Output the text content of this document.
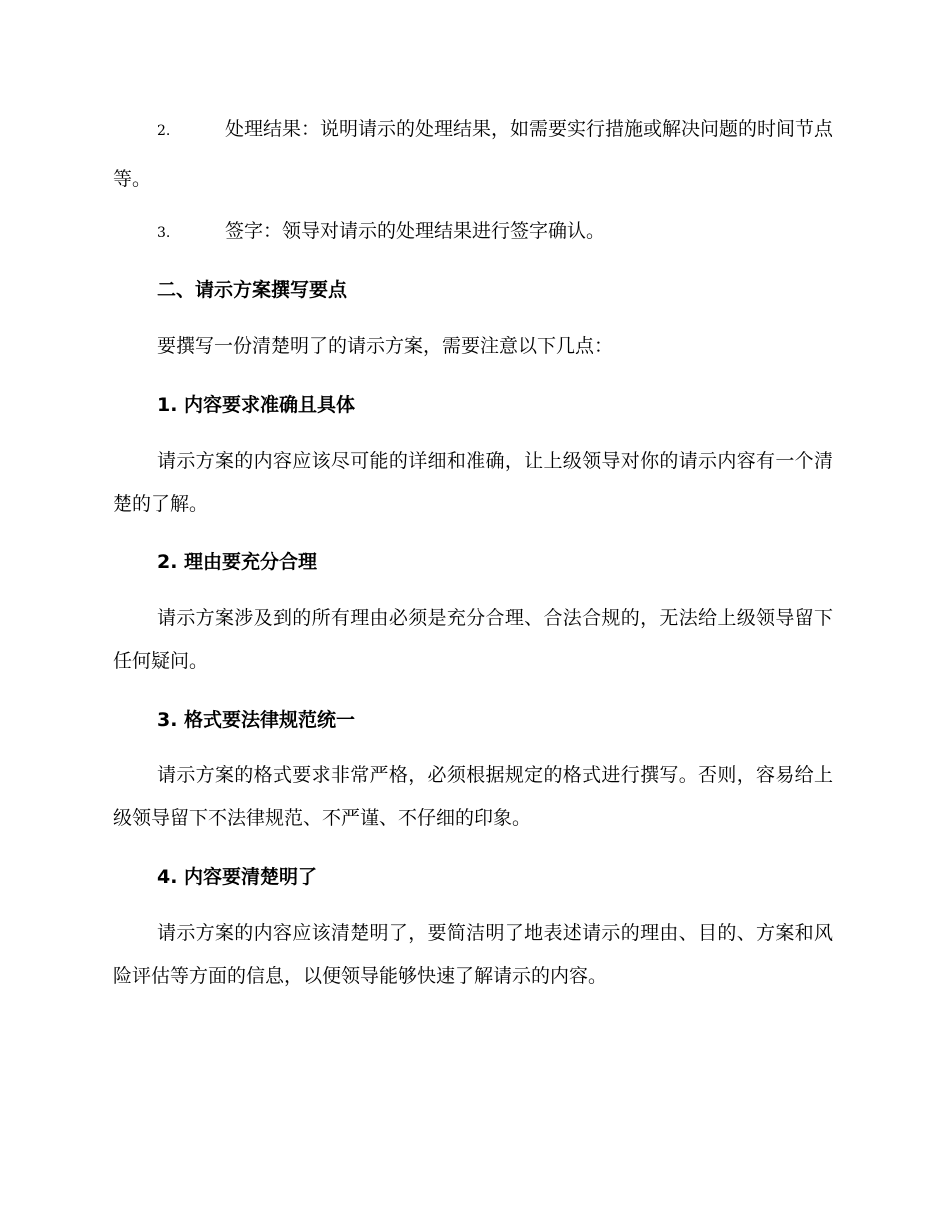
2.	处理结果：说明请示的处理结果，如需要实行措施或解决问题的时间节点等。

3.	签字：领导对请示的处理结果进行签字确认。

二、请示方案撰写要点

要撰写一份清楚明了的请示方案，需要注意以下几点：

1. 内容要求准确且具体

请示方案的内容应该尽可能的详细和准确，让上级领导对你的请示内容有一个清楚的了解。

2. 理由要充分合理

请示方案涉及到的所有理由必须是充分合理、合法合规的，无法给上级领导留下任何疑问。

3. 格式要法律规范统一

请示方案的格式要求非常严格，必须根据规定的格式进行撰写。否则，容易给上级领导留下不法律规范、不严谨、不仔细的印象。

4. 内容要清楚明了

请示方案的内容应该清楚明了，要简洁明了地表述请示的理由、目的、方案和风险评估等方面的信息，以便领导能够快速了解请示的内容。
